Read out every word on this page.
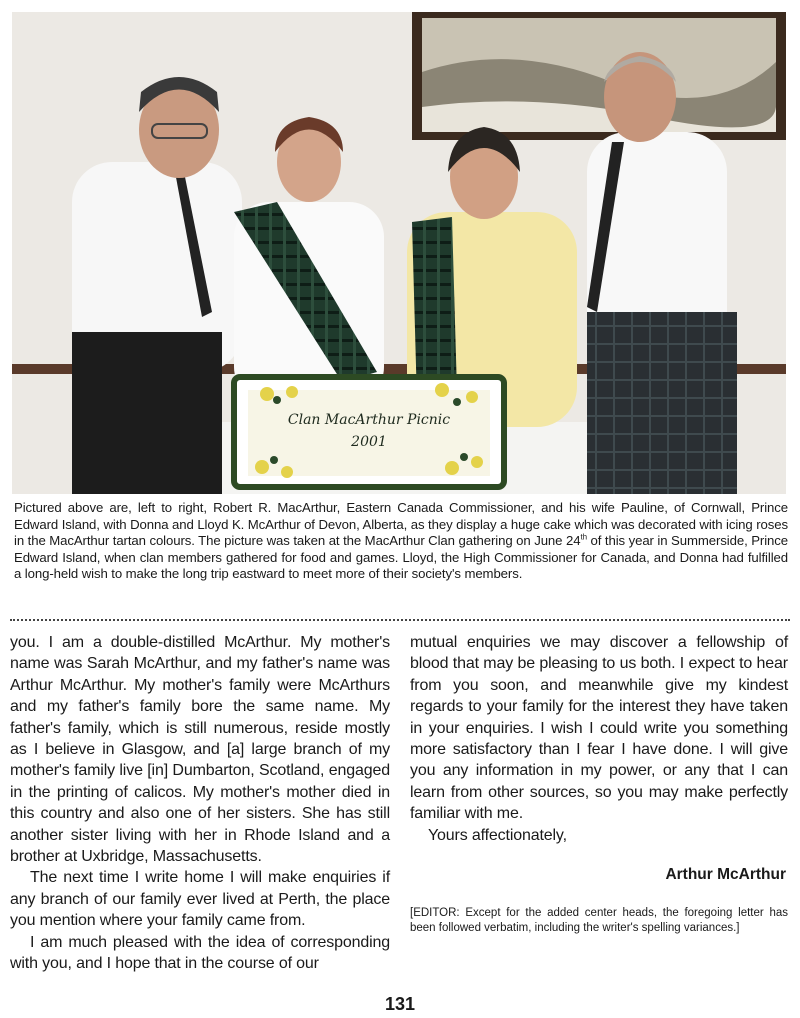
Clan MacArthur Picnic
2001
Pictured above are, left to right, Robert R. MacArthur, Eastern Canada Commissioner, and his wife Pauline, of Cornwall, Prince Edward Island, with Donna and Lloyd K. McArthur of Devon, Alberta, as they display a huge cake which was decorated with icing roses in the MacArthur tartan colours. The picture was taken at the MacArthur Clan gathering on June 24th of this year in Summerside, Prince Edward Island, when clan members gathered for food and games. Lloyd, the High Commissioner for Canada, and Donna had fulfilled a long-held wish to make the long trip eastward to meet more of their society's members.

you. I am a double-distilled McArthur. My mother's name was Sarah McArthur, and my father's name was Arthur McArthur. My mother's family were McArthurs and my father's family bore the same name. My father's family, which is still numerous, reside mostly as I believe in Glasgow, and [a] large branch of my mother's family live [in] Dumbarton, Scotland, engaged in the printing of calicos. My mother's mother died in this country and also one of her sisters. She has still another sister living with her in Rhode Island and a brother at Uxbridge, Massachusetts.

The next time I write home I will make enquiries if any branch of our family ever lived at Perth, the place you mention where your family came from.

I am much pleased with the idea of corresponding with you, and I hope that in the course of our

mutual enquiries we may discover a fellowship of blood that may be pleasing to us both. I expect to hear from you soon, and meanwhile give my kindest regards to your family for the interest they have taken in your enquiries. I wish I could write you something more satisfactory than I fear I have done. I will give you any information in my power, or any that I can learn from other sources, so you may make perfectly familiar with me.

Yours affectionately,

Arthur McArthur
[EDITOR: Except for the added center heads, the foregoing letter has been followed verbatim, including the writer's spelling variances.]
131
